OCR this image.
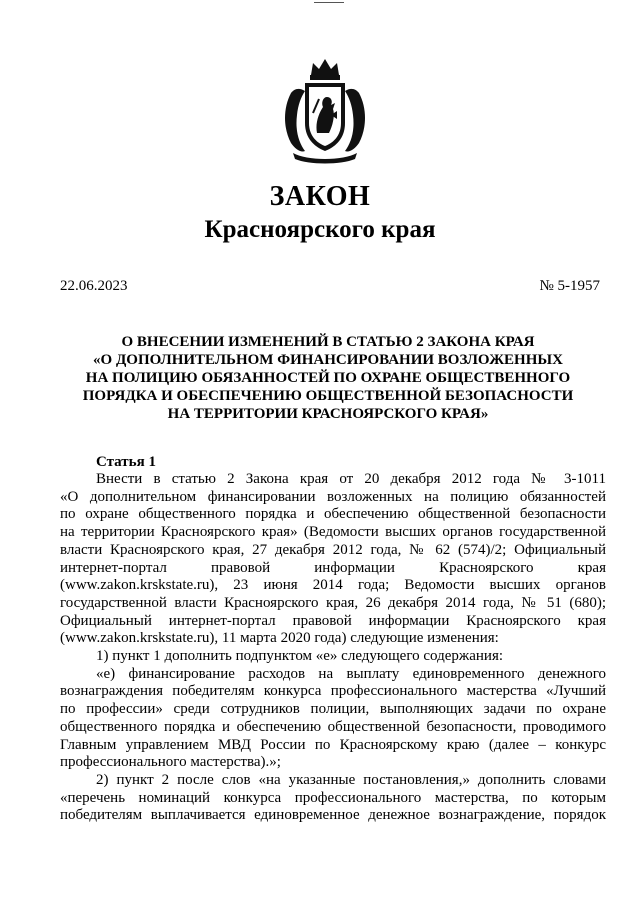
ЗАКОН
Красноярского края
22.06.2023	№ 5-1957
О ВНЕСЕНИИ ИЗМЕНЕНИЙ В СТАТЬЮ 2 ЗАКОНА КРАЯ
«О ДОПОЛНИТЕЛЬНОМ ФИНАНСИРОВАНИИ ВОЗЛОЖЕННЫХ
НА ПОЛИЦИЮ ОБЯЗАННОСТЕЙ ПО ОХРАНЕ ОБЩЕСТВЕННОГО
ПОРЯДКА И ОБЕСПЕЧЕНИЮ ОБЩЕСТВЕННОЙ БЕЗОПАСНОСТИ
НА ТЕРРИТОРИИ КРАСНОЯРСКОГО КРАЯ»
Статья 1

Внести в статью 2 Закона края от 20 декабря 2012 года № 3-1011

«О дополнительном финансировании возложенных на полицию обязанностей

по охране общественного порядка и обеспечению общественной безопасности

на территории Красноярского края» (Ведомости высших органов государственной

власти Красноярского края, 27 декабря 2012 года, № 62 (574)/2; Официальный

интернет-портал правовой информации Красноярского края

(www.zakon.krskstate.ru), 23 июня 2014 года; Ведомости высших органов

государственной власти Красноярского края, 26 декабря 2014 года, № 51 (680);

Официальный интернет-портал правовой информации Красноярского края

(www.zakon.krskstate.ru), 11 марта 2020 года) следующие изменения:

1) пункт 1 дополнить подпунктом «е» следующего содержания:

«е) финансирование расходов на выплату единовременного денежного

вознаграждения победителям конкурса профессионального мастерства «Лучший

по профессии» среди сотрудников полиции, выполняющих задачи по охране

общественного порядка и обеспечению общественной безопасности, проводимого

Главным управлением МВД России по Красноярскому краю (далее – конкурс

профессионального мастерства).»;

2) пункт 2 после слов «на указанные постановления,» дополнить словами

«перечень номинаций конкурса профессионального мастерства, по которым

победителям выплачивается единовременное денежное вознаграждение, порядок
